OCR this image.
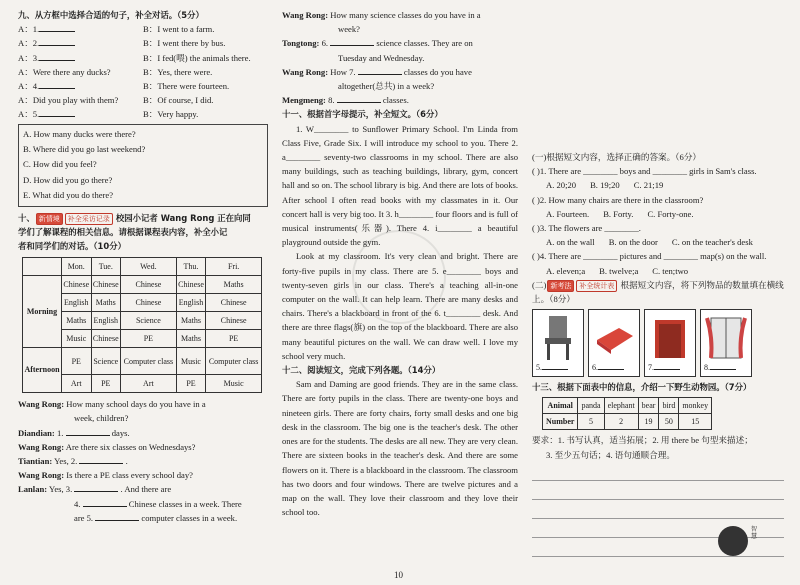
九、从方框中选择合适的句子，补全对话。（5分）
A：1.	B：I went to a farm.
A：2.	B：I went there by bus.
A：3.	B：I fed(喂) the animals there.
A：Were there any ducks?	B：Yes, there were.
A：4.	B：There were fourteen.
A：Did you play with them?	B：Of course, I did.
A：5.	B：Very happy.
A. How many ducks were there?
B. Where did you go last weekend?
C. How did you feel?
D. How did you go there?
E. What did you do there?
十、 新情境 补全采访记录 校园小记者 Wang Rong 正在向同
学们了解课程的相关信息。请根据课程表内容，补全小记
者和同学们的对话。（10分）
	Mon.	Tue.	Wed.	Thu.	Fri.
Morning	Chinese	Chinese	Chinese	Chinese	Maths
	English	Maths	Chinese	English	Chinese
	Maths	English	Science	Maths	Chinese
	Music	Chinese	PE	Maths	PE
Afternoon	PE	Science	Computer class	Music	Computer class
	Art	PE	Art	PE	Music
Wang Rong: How many school days do you have in a
week, children?
Diandian: 1.	days.
Wang Rong: Are there six classes on Wednesdays?
Tiantian: Yes, 2.	.
Wang Rong: Is there a PE class every school day?
Lanlan: Yes, 3.	. And there are
4.	Chinese classes in a week. There
are 5.	computer classes in a week.
Wang Rong: How many science classes do you have in a
week?
Tongtong: 6.	science classes. They are on
Tuesday and Wednesday.
Wang Rong: How 7.	classes do you have
altogether(总共) in a week?
Mengmeng: 8.	classes.
十一、根据首字母提示，补全短文。（6分）
1. W________ to Sunflower Primary School. I'm Linda from Class Five, Grade Six. I will introduce my school to you. There 2. a________ seventy-two classrooms in my school. There are also many buildings, such as teaching buildings, library, gym, concert hall and so on. The school library is big. And there are lots of books. After school I often read books with my classmates in it. Our concert hall is very big too. It 3. h________ four floors and is full of musical instruments(乐器). There 4. i________ a beautiful playground outside the gym.
Look at my classroom. It's very clean and bright. There are forty-five pupils in my class. There are 5. e________ boys and twenty-seven girls in our class. There's a teaching all-in-one computer on the wall. It can help learn. There are many desks and chairs. There's a blackboard in front of the 6. t________ desk. And there are three flags(旗) on the top of the blackboard. There are also many beautiful pictures on the wall. We can draw well. I love my school very much.
十二、阅读短文，完成下列各题。（14分）
Sam and Daming are good friends. They are in the same class. There are forty pupils in the class. There are twenty-one boys and nineteen girls. There are forty chairs, forty small desks and one big desk in the classroom. The big one is the teacher's desk. The other ones are for the students. The desks are all new. They are very clean. There are sixteen books in the teacher's desk. And there are some flowers on it. There is a blackboard in the classroom. The classroom has two doors and four windows. There are twelve pictures and a map on the wall. They love their classroom and they love their school too.
(一)根据短文内容，选择正确的答案。（6分）
( )1. There are ________ boys and ________ girls in Sam's class.
A. 20;20 B. 19;20 C. 21;19
( )2. How many chairs are there in the classroom?
A. Fourteen. B. Forty. C. Forty-one.
( )3. The flowers are ________.
A. on the wall B. on the door C. on the teacher's desk
( )4. There are ________ pictures and ________ map(s) on the wall.
A. eleven;a B. twelve;a C. ten;two
(二) 新考法 补全统计表 根据短文内容，将下列物品的数量填在横线上。（8分）
5.	6.	7.	8.
十三、根据下面表中的信息，介绍一下野生动物园。（7分）
Animal	panda	elephant	bear	bird	monkey
Number	5	2	19	50	15
要求：1. 书写认真，适当拓展；2. 用 there be 句型来描述；
3. 至少五句话；4. 语句通顺合理。
智慧
10
